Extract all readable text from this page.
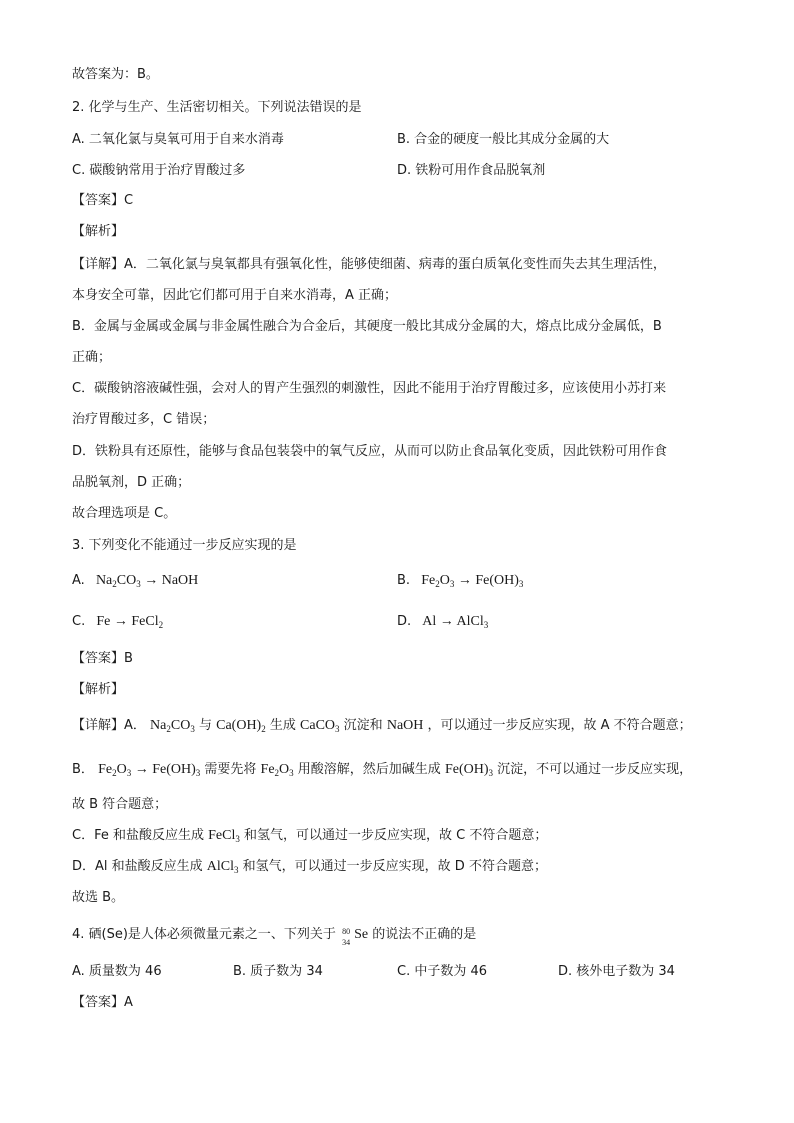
故答案为：B。
2. 化学与生产、生活密切相关。下列说法错误的是
A. 二氧化氯与臭氧可用于自来水消毒	B. 合金的硬度一般比其成分金属的大
C. 碳酸钠常用于治疗胃酸过多	D. 铁粉可用作食品脱氧剂
【答案】C
【解析】
【详解】A．二氧化氯与臭氧都具有强氧化性，能够使细菌、病毒的蛋白质氧化变性而失去其生理活性，
本身安全可靠，因此它们都可用于自来水消毒，A 正确；
B．金属与金属或金属与非金属性融合为合金后，其硬度一般比其成分金属的大，熔点比成分金属低，B
正确；
C．碳酸钠溶液碱性强，会对人的胃产生强烈的刺激性，因此不能用于治疗胃酸过多，应该使用小苏打来
治疗胃酸过多，C 错误；
D．铁粉具有还原性，能够与食品包装袋中的氧气反应，从而可以防止食品氧化变质，因此铁粉可用作食
品脱氧剂，D 正确；
故合理选项是 C。
3. 下列变化不能通过一步反应实现的是
A.   $Na_2CO_3$ → NaOH	B.   $Fe_2O_3 \to Fe(OH)_3$
C.   Fe → FeCl$_2$	D.   Al → AlCl$_3$
【答案】B
【解析】
【详解】A． $Na_2CO_3$ 与 $Ca(OH)_2$ 生成 CaCO$_3$ 沉淀和 NaOH ，可以通过一步反应实现，故 A 不符合题意；
B． $Fe_2O_3 \to Fe(OH)_3$ 需要先将 $Fe_2O_3$ 用酸溶解，然后加碱生成 $Fe(OH)_3$ 沉淀，不可以通过一步反应实现，
故 B 符合题意；
C．Fe 和盐酸反应生成 FeCl$_3$ 和氢气，可以通过一步反应实现，故 C 不符合题意；
D．Al 和盐酸反应生成 AlCl$_3$ 和氢气，可以通过一步反应实现，故 D 不符合题意；
故选 B。
4. 硒(Se)是人体必须微量元素之一、下列关于 80
34
Se 的说法不正确的是
A. 质量数为 46	B. 质子数为 34	C. 中子数为 46	D. 核外电子数为 34
【答案】A
